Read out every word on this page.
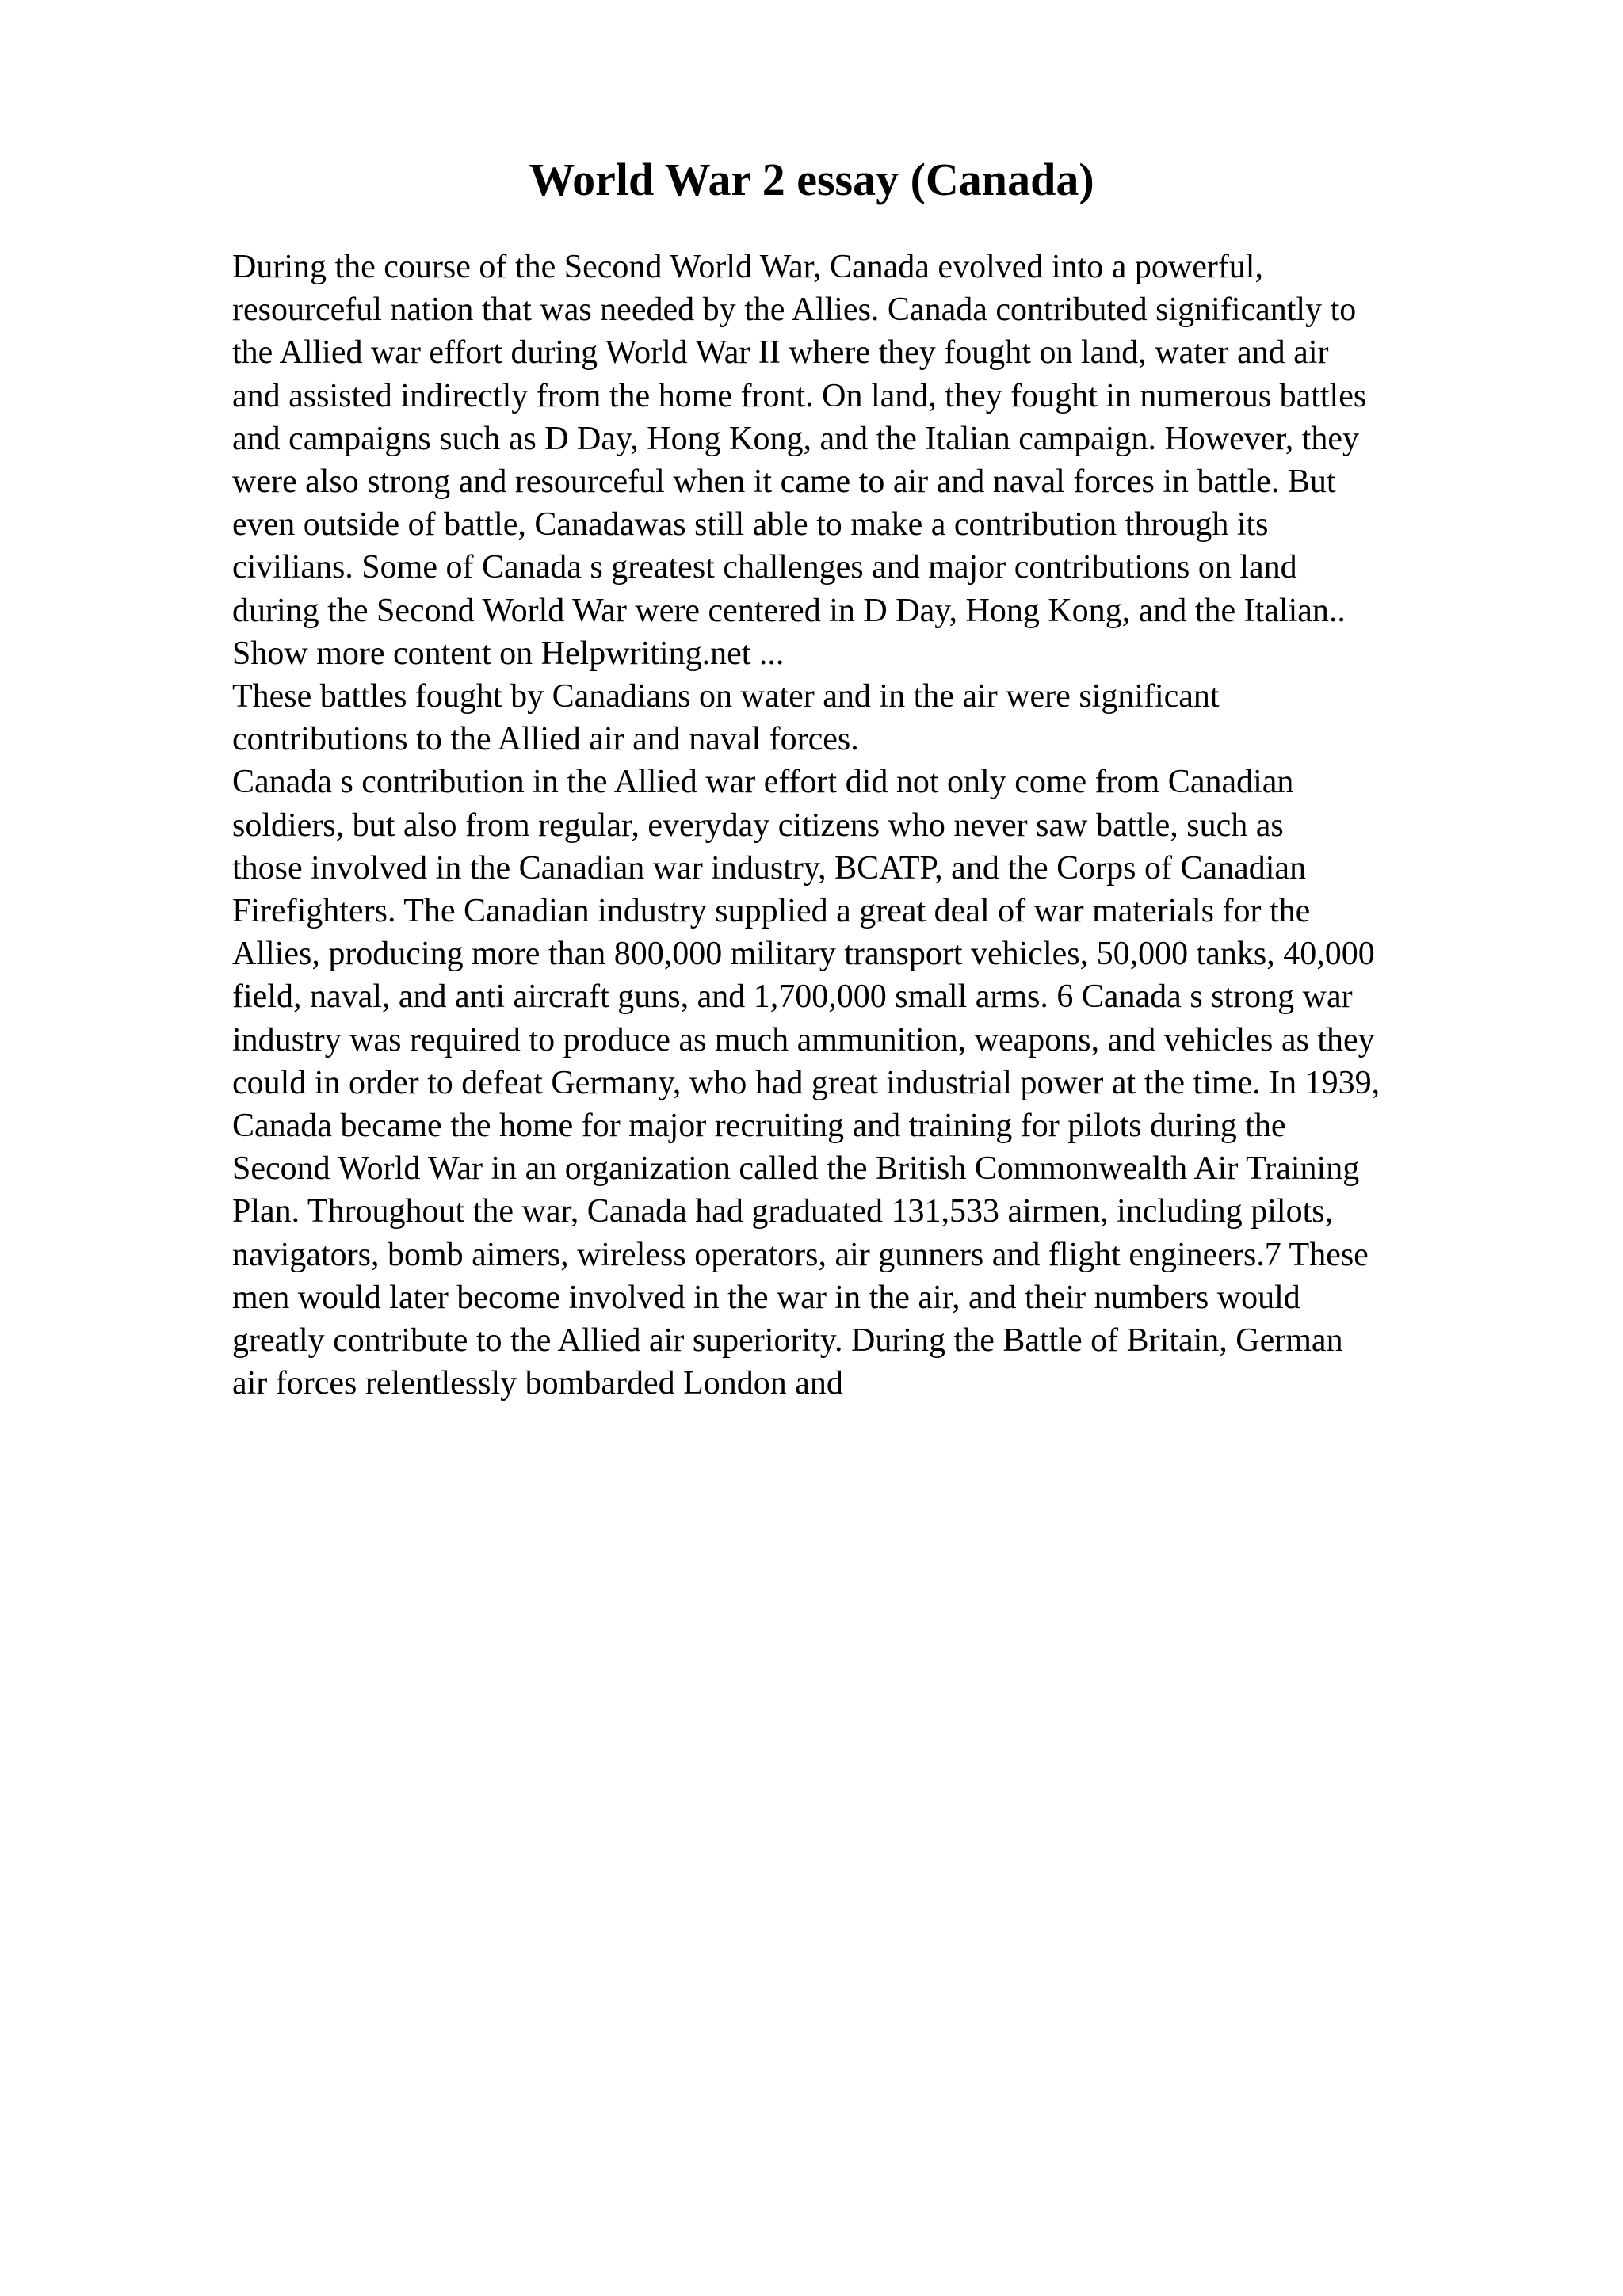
World War 2 essay (Canada)
During the course of the Second World War, Canada evolved into a powerful,
resourceful nation that was needed by the Allies. Canada contributed significantly to
the Allied war effort during World War II where they fought on land, water and air
and assisted indirectly from the home front. On land, they fought in numerous battles
and campaigns such as D Day, Hong Kong, and the Italian campaign. However, they
were also strong and resourceful when it came to air and naval forces in battle. But
even outside of battle, Canadawas still able to make a contribution through its
civilians. Some of Canada s greatest challenges and major contributions on land
during the Second World War were centered in D Day, Hong Kong, and the Italian..
Show more content on Helpwriting.net ...
These battles fought by Canadians on water and in the air were significant
contributions to the Allied air and naval forces.
Canada s contribution in the Allied war effort did not only come from Canadian
soldiers, but also from regular, everyday citizens who never saw battle, such as
those involved in the Canadian war industry, BCATP, and the Corps of Canadian
Firefighters. The Canadian industry supplied a great deal of war materials for the
Allies, producing more than 800,000 military transport vehicles, 50,000 tanks, 40,000
field, naval, and anti aircraft guns, and 1,700,000 small arms. 6 Canada s strong war
industry was required to produce as much ammunition, weapons, and vehicles as they
could in order to defeat Germany, who had great industrial power at the time. In 1939,
Canada became the home for major recruiting and training for pilots during the
Second World War in an organization called the British Commonwealth Air Training
Plan. Throughout the war, Canada had graduated 131,533 airmen, including pilots,
navigators, bomb aimers, wireless operators, air gunners and flight engineers.7 These
men would later become involved in the war in the air, and their numbers would
greatly contribute to the Allied air superiority. During the Battle of Britain, German
air forces relentlessly bombarded London and
